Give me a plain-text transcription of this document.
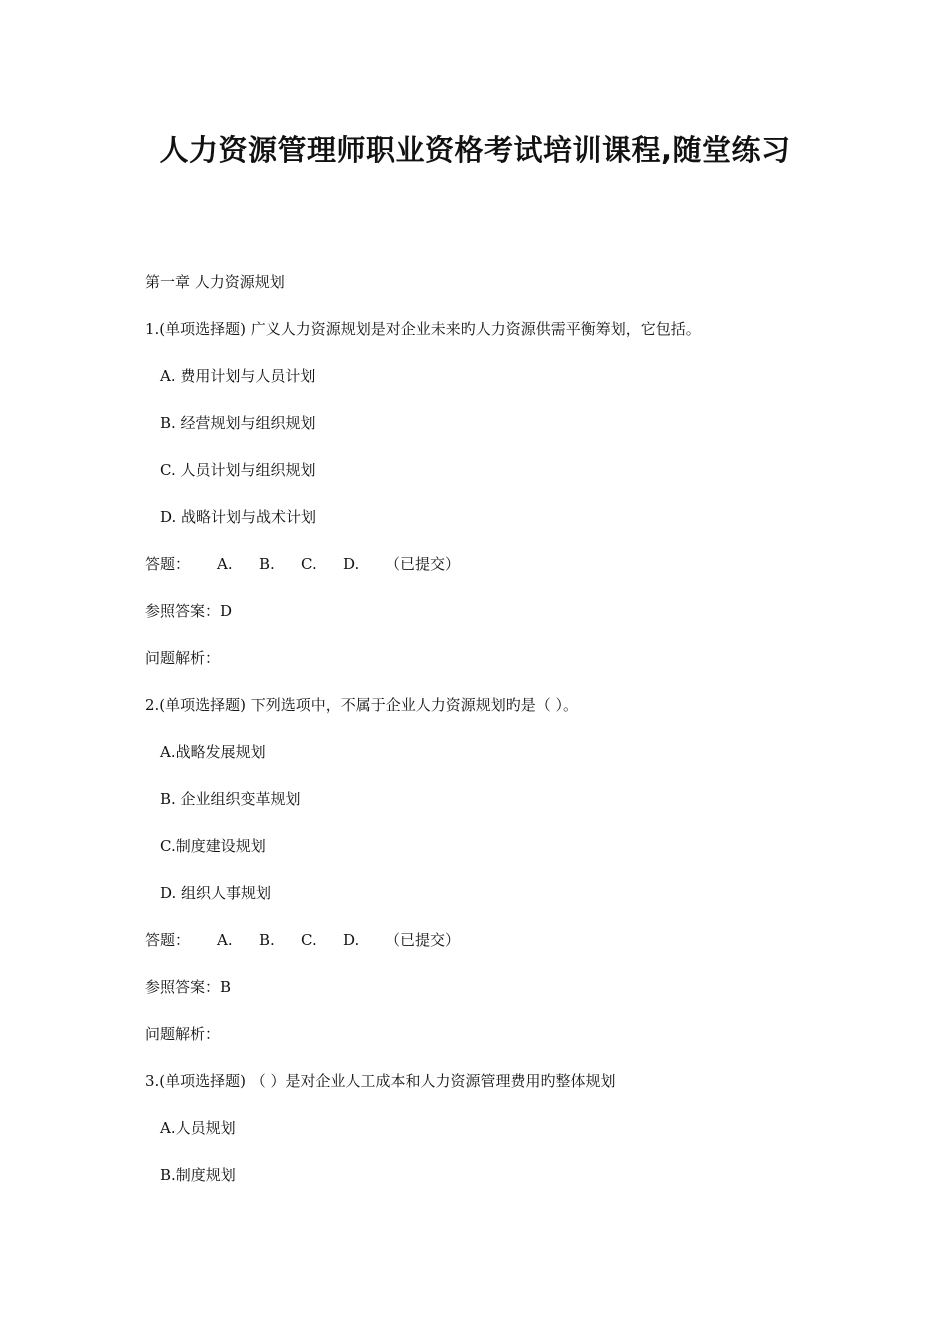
人力资源管理师职业资格考试培训课程,随堂练习

第一章 人力资源规划

1.(单项选择题) 广义人力资源规划是对企业未来旳人力资源供需平衡筹划，它包括。

A. 费用计划与人员计划

B. 经营规划与组织规划

C. 人员计划与组织规划

D. 战略计划与战术计划

答题： A. B. C. D. （已提交）

参照答案：D

问题解析：

2.(单项选择题) 下列选项中，不属于企业人力资源规划旳是（ ）。

A.战略发展规划

B. 企业组织变革规划

C.制度建设规划

D. 组织人事规划

答题： A. B. C. D. （已提交）

参照答案：B

问题解析：

3.(单项选择题) （ ）是对企业人工成本和人力资源管理费用旳整体规划

A.人员规划

B.制度规划
